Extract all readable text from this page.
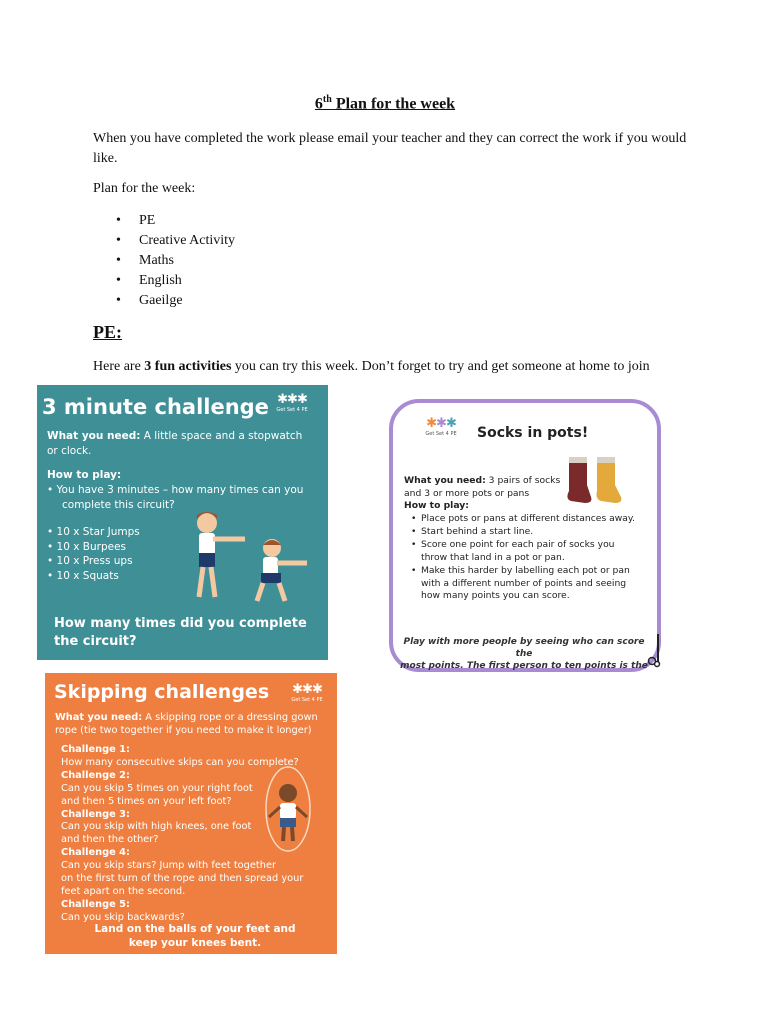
6th Plan for the week

When you have completed the work please email your teacher and they can correct the work if you would like.

Plan for the week:

• PE
• Creative Activity
• Maths
• English
• Gaeilge

PE:

Here are 3 fun activities you can try this week. Don’t forget to try and get someone at home to join

3 minute challenge ✱✱✱
Get Set 4 PE
What you need: A little space and a stopwatch
or clock.
How to play:
• You have 3 minutes – how many times can you
complete this circuit?
• 10 x Star Jumps
• 10 x Burpees
• 10 x Press ups
• 10 x Squats
How many times did you complete
the circuit?
✱✱✱
Get Set 4 PE	Socks in pots!
What you need: 3 pairs of socks
and 3 or more pots or pans
How to play:
• Place pots or pans at different distances away.
• Start behind a start line.
• Score one point for each pair of socks you throw that land in a pot or pan.
• Make this harder by labelling each pot or pan with a different number of points and seeing how many points you can score.
Play with more people by seeing who can score the
most points. The first person to ten points is the
Skipping challenges	✱✱✱
Get Set 4 PE
What you need: A skipping rope or a dressing gown
rope (tie two together if you need to make it longer)
Challenge 1:
How many consecutive skips can you complete?
Challenge 2:
Can you skip 5 times on your right foot
and then 5 times on your left foot?
Challenge 3:
Can you skip with high knees, one foot
and then the other?
Challenge 4:
Can you skip stars? Jump with feet together
on the first turn of the rope and then spread your
feet apart on the second.
Challenge 5:
Can you skip backwards?
Land on the balls of your feet and
keep your knees bent.
